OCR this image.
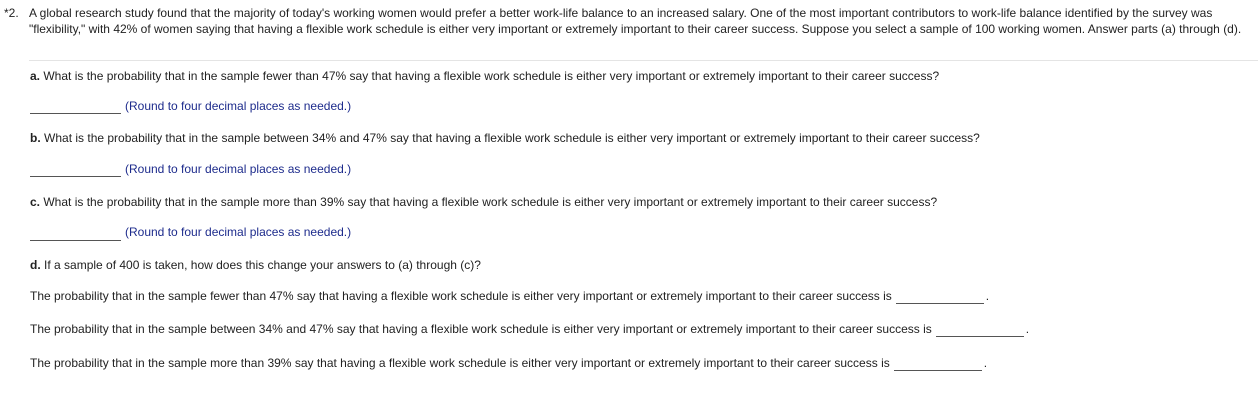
*2. A global research study found that the majority of today's working women would prefer a better work-life balance to an increased salary. One of the most important contributors to work-life balance identified by the survey was "flexibility," with 42% of women saying that having a flexible work schedule is either very important or extremely important to their career success. Suppose you select a sample of 100 working women. Answer parts (a) through (d).
a. What is the probability that in the sample fewer than 47% say that having a flexible work schedule is either very important or extremely important to their career success?
(Round to four decimal places as needed.)
b. What is the probability that in the sample between 34% and 47% say that having a flexible work schedule is either very important or extremely important to their career success?
(Round to four decimal places as needed.)
c. What is the probability that in the sample more than 39% say that having a flexible work schedule is either very important or extremely important to their career success?
(Round to four decimal places as needed.)
d. If a sample of 400 is taken, how does this change your answers to (a) through (c)?
The probability that in the sample fewer than 47% say that having a flexible work schedule is either very important or extremely important to their career success is	.
The probability that in the sample between 34% and 47% say that having a flexible work schedule is either very important or extremely important to their career success is	.
The probability that in the sample more than 39% say that having a flexible work schedule is either very important or extremely important to their career success is	.
